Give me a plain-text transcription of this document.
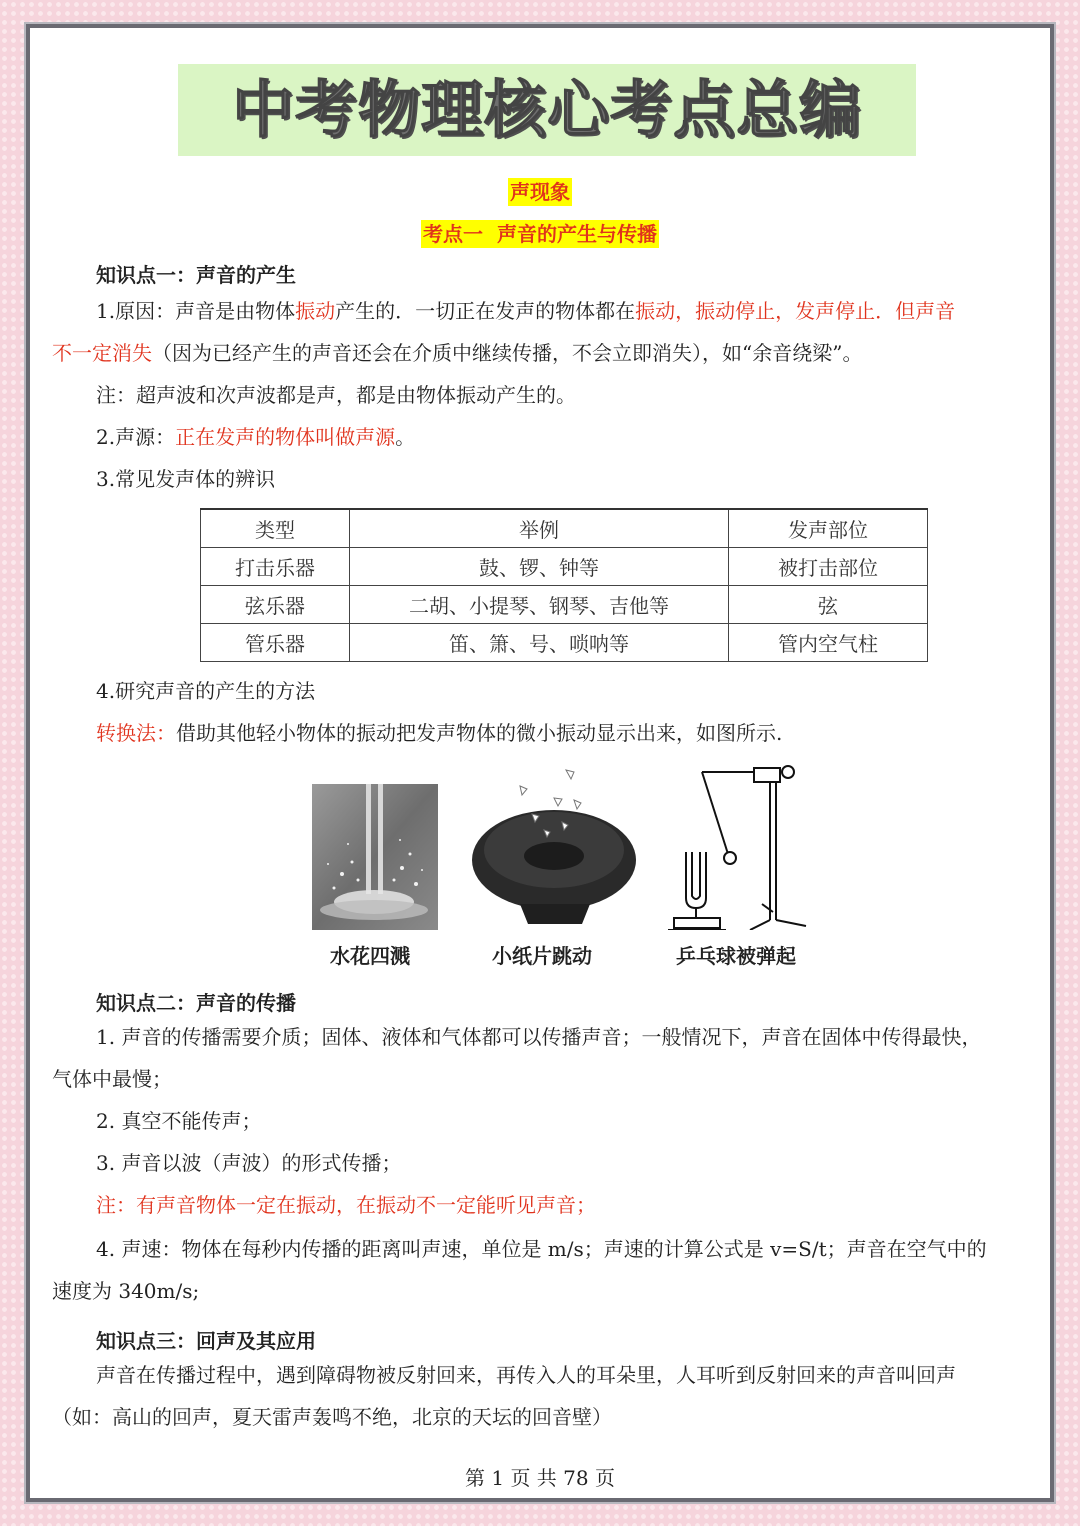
中考物理核心考点总编
声现象
考点一  声音的产生与传播
知识点一：声音的产生
1.原因：声音是由物体振动产生的．一切正在发声的物体都在振动，振动停止，发声停止．但声音
不一定消失（因为已经产生的声音还会在介质中继续传播，不会立即消失），如“余音绕梁”。
注：超声波和次声波都是声，都是由物体振动产生的。
2.声源：正在发声的物体叫做声源。
3.常见发声体的辨识
类型	举例	发声部位
打击乐器	鼓、锣、钟等	被打击部位
弦乐器	二胡、小提琴、钢琴、吉他等	弦
管乐器	笛、箫、号、唢呐等	管内空气柱
4.研究声音的产生的方法
转换法：借助其他轻小物体的振动把发声物体的微小振动显示出来，如图所示.
水花四溅	小纸片跳动	乒乓球被弹起
知识点二：声音的传播
1. 声音的传播需要介质；固体、液体和气体都可以传播声音；一般情况下，声音在固体中传得最快，
气体中最慢；
2. 真空不能传声；
3. 声音以波（声波）的形式传播；
注：有声音物体一定在振动，在振动不一定能听见声音；
4. 声速：物体在每秒内传播的距离叫声速，单位是 m/s；声速的计算公式是 v=S/t；声音在空气中的
速度为 340m/s;
知识点三：回声及其应用
声音在传播过程中，遇到障碍物被反射回来，再传入人的耳朵里，人耳听到反射回来的声音叫回声
（如：高山的回声，夏天雷声轰鸣不绝，北京的天坛的回音壁）
第 1 页 共 78 页
